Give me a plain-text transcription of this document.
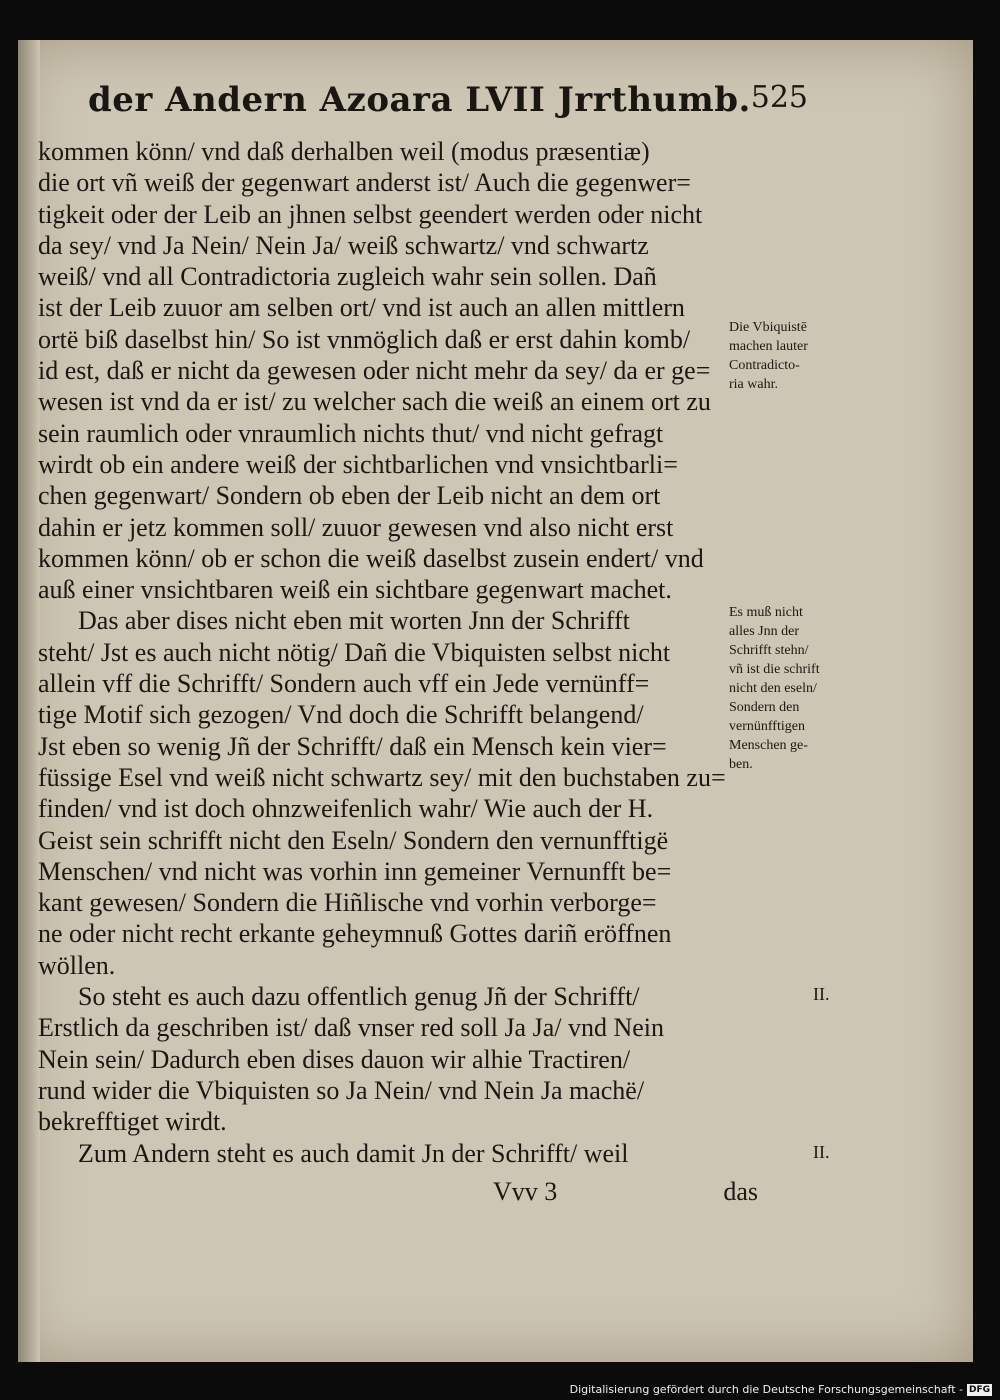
der Andern Azoara LVII Jrrthumb. 525
kommen könn/ vnd daß derhalben weil (modus præsentiæ)
die ort vñ weiß der gegenwart anderst ist/ Auch die gegenwer=
tigkeit oder der Leib an jhnen selbst geendert werden oder nicht
da sey/ vnd Ja Nein/ Nein Ja/ weiß schwartz/ vnd schwartz
weiß/ vnd all Contradictoria zugleich wahr sein sollen. Dañ
ist der Leib zuuor am selben ort/ vnd ist auch an allen mittlern
ortë biß daselbst hin/ So ist vnmöglich daß er erst dahin komb/
id est, daß er nicht da gewesen oder nicht mehr da sey/ da er ge=
wesen ist vnd da er ist/ zu welcher sach die weiß an einem ort zu
sein raumlich oder vnraumlich nichts thut/ vnd nicht gefragt
wirdt ob ein andere weiß der sichtbarlichen vnd vnsichtbarli=
chen gegenwart/ Sondern ob eben der Leib nicht an dem ort
dahin er jetz kommen soll/ zuuor gewesen vnd also nicht erst
kommen könn/ ob er schon die weiß daselbst zusein endert/ vnd
auß einer vnsichtbaren weiß ein sichtbare gegenwart machet.
Das aber dises nicht eben mit worten Jnn der Schrifft
steht/ Jst es auch nicht nötig/ Dañ die Vbiquisten selbst nicht
allein vff die Schrifft/ Sondern auch vff ein Jede vernünff=
tige Motif sich gezogen/ Vnd doch die Schrifft belangend/
Jst eben so wenig Jñ der Schrifft/ daß ein Mensch kein vier=
füssige Esel vnd weiß nicht schwartz sey/ mit den buchstaben zu=
finden/ vnd ist doch ohnzweifenlich wahr/ Wie auch der H.
Geist sein schrifft nicht den Eseln/ Sondern den vernunfftigë
Menschen/ vnd nicht was vorhin inn gemeiner Vernunfft be=
kant gewesen/ Sondern die Hiñlische vnd vorhin verborge=
ne oder nicht recht erkante geheymnuß Gottes dariñ eröffnen
wöllen.
So steht es auch dazu offentlich genug Jñ der Schrifft/
Erstlich da geschriben ist/ daß vnser red soll Ja Ja/ vnd Nein
Nein sein/ Dadurch eben dises dauon wir alhie Tractiren/
rund wider die Vbiquisten so Ja Nein/ vnd Nein Ja machë/
bekrefftiget wirdt.
Zum Andern steht es auch damit Jn der Schrifft/ weil
Die Vbiquistē
machen lauter
Contradicto-
ria wahr.
Es muß nicht
alles Jnn der
Schrifft stehn/
vñ ist die schrift
nicht den eseln/
Sondern den
vernünfftigen
Menschen ge-
ben.
II.
II.
Vvv 3	das
Digitalisierung gefördert durch die Deutsche Forschungsgemeinschaft - DFG
